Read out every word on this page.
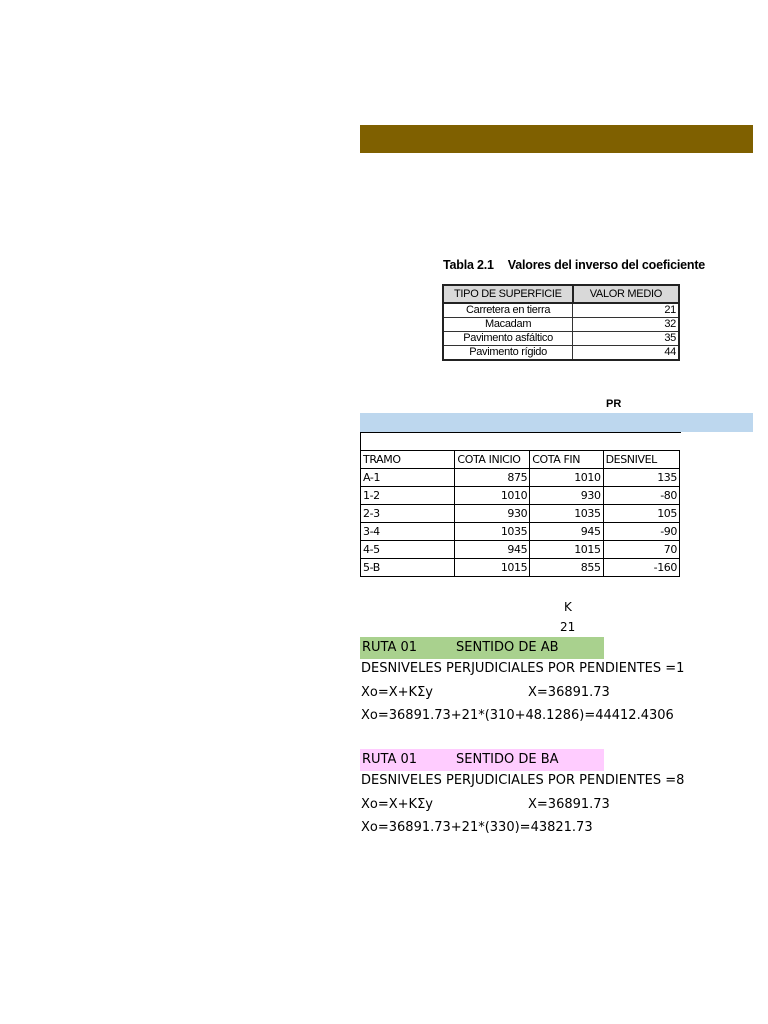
Tabla 2.1 Valores del inverso del coeficiente
TIPO DE SUPERFICIE	VALOR MEDIO
Carretera en tierra	21
Macadam	32
Pavimento asfáltico	35
Pavimento rígido	44
PR
TRAMO	COTA INICIO	COTA FIN	DESNIVEL
A-1	875	1010	135
1-2	1010	930	-80
2-3	930	1035	105
3-4	1035	945	-90
4-5	945	1015	70
5-B	1015	855	-160
K
21
RUTA 01	SENTIDO DE AB
DESNIVELES PERJUDICIALES POR PENDIENTES =1
Xo=X+KΣy	X=36891.73
Xo=36891.73+21*(310+48.1286)=44412.4306
RUTA 01	SENTIDO DE BA
DESNIVELES PERJUDICIALES POR PENDIENTES =8
Xo=X+KΣy	X=36891.73
Xo=36891.73+21*(330)=43821.73
